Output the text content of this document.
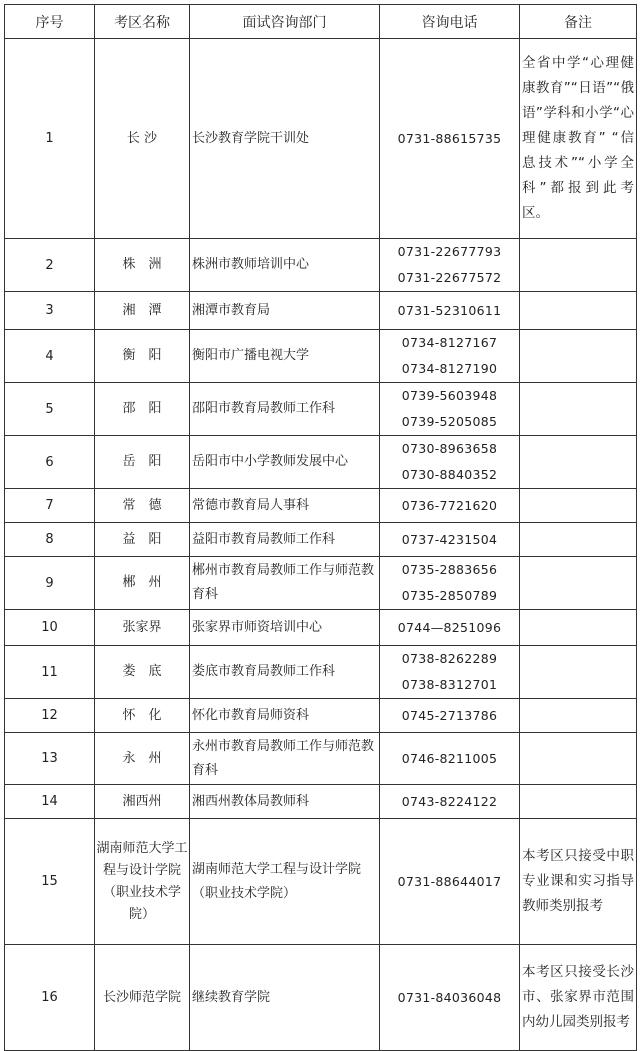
序号	考区名称	面试咨询部门	咨询电话	备注
1	长 沙	长沙教育学院干训处	0731-88615735	全省中学“心理健康教育”“日语”“俄语”学科和小学“心理健康教育” “信息技术”“小学全科”都报到此考区。
2	株　洲	株洲市教师培训中心	0731-22677793
0731-22677572	

3	湘　潭	湘潭市教育局	0731-52310611	

4	衡　阳	衡阳市广播电视大学	0734-8127167
0734-8127190	

5	邵　阳	邵阳市教育局教师工作科	0739-5603948
0739-5205085	

6	岳　阳	岳阳市中小学教师发展中心	0730-8963658
0730-8840352	

7	常　德	常德市教育局人事科	0736-7721620	

8	益　阳	益阳市教育局教师工作科	0737-4231504	

9	郴　州	郴州市教育局教师工作与师范教育科	0735-2883656
0735-2850789	

10	张家界	张家界市师资培训中心	0744—8251096	

11	娄　底	娄底市教育局教师工作科	0738-8262289
0738-8312701	

12	怀　化	怀化市教育局师资科	0745-2713786	

13	永　州	永州市教育局教师工作与师范教育科	0746-8211005	

14	湘西州	湘西州教体局教师科	0743-8224122	

15	湖南师范大学工程与设计学院（职业技术学院）	湖南师范大学工程与设计学院（职业技术学院）	0731-88644017	本考区只接受中职专业课和实习指导教师类别报考
16	长沙师范学院	继续教育学院	0731-84036048	本考区只接受长沙市、张家界市范围内幼儿园类别报考
